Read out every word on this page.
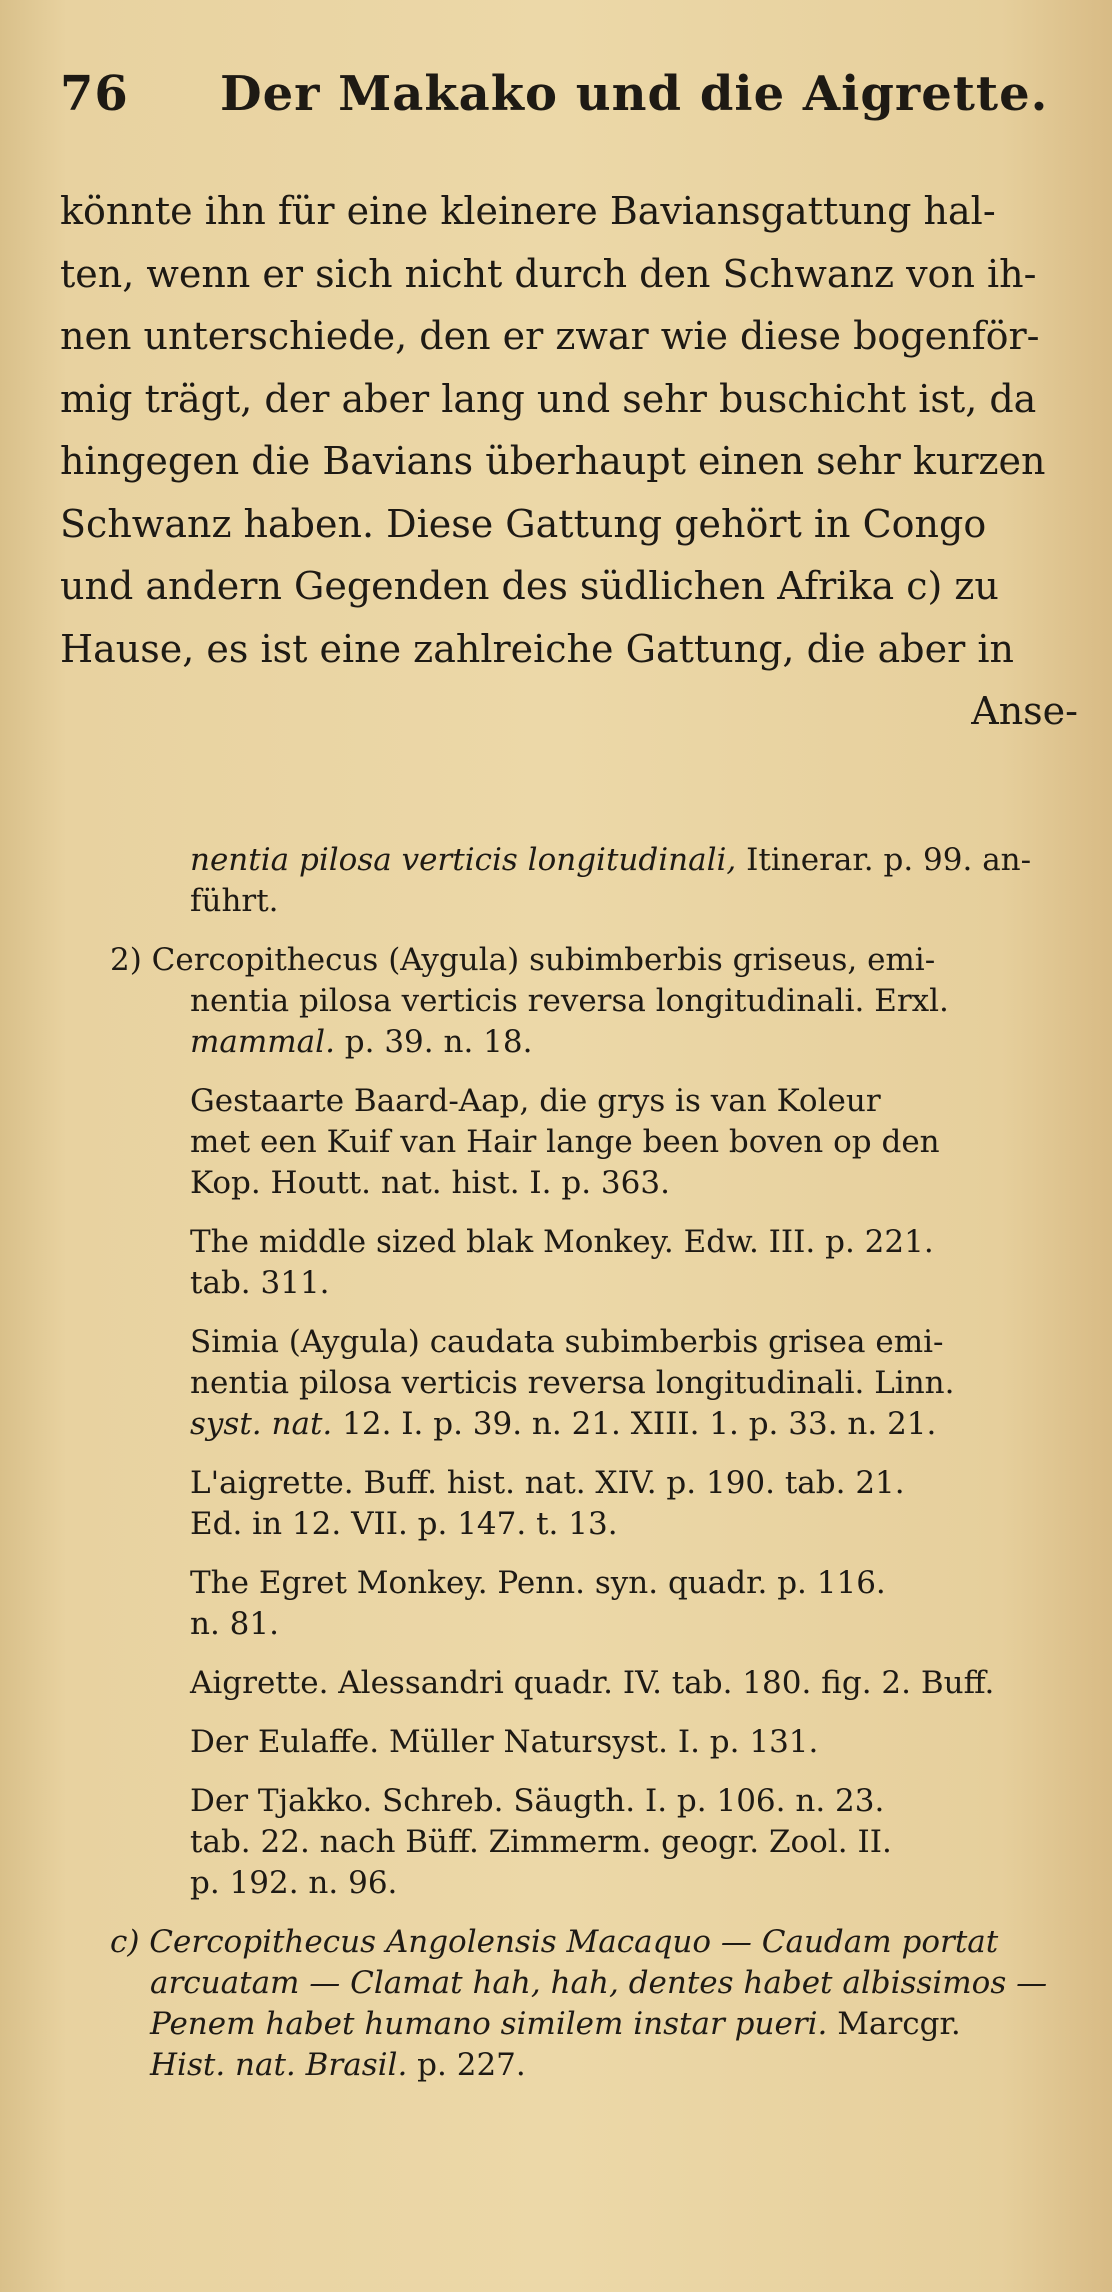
76 Der Makako und die Aigrette.
könnte ihn für eine kleinere Baviansgattung hal-
ten, wenn er sich nicht durch den Schwanz von ih-
nen unterschiede, den er zwar wie diese bogenför-
mig trägt, der aber lang und sehr buschicht ist, da
hingegen die Bavians überhaupt einen sehr kurzen
Schwanz haben. Diese Gattung gehört in Congo
und andern Gegenden des südlichen Afrika c) zu
Hause, es ist eine zahlreiche Gattung, die aber in
Anse-
nentia pilosa verticis longitudinali, Itinerar. p. 99. an-
führt.
2) Cercopithecus (Aygula) subimberbis griseus, emi-
nentia pilosa verticis reversa longitudinali. Erxl.
mammal. p. 39. n. 18.
Gestaarte Baard-Aap, die grys is van Koleur
met een Kuif van Hair lange been boven op den
Kop. Houtt. nat. hist. I. p. 363.
The middle sized blak Monkey. Edw. III. p. 221.
tab. 311.
Simia (Aygula) caudata subimberbis grisea emi-
nentia pilosa verticis reversa longitudinali. Linn.
syst. nat. 12. I. p. 39. n. 21. XIII. 1. p. 33. n. 21.
L'aigrette. Buff. hist. nat. XIV. p. 190. tab. 21.
Ed. in 12. VII. p. 147. t. 13.
The Egret Monkey. Penn. syn. quadr. p. 116.
n. 81.
Aigrette. Alessandri quadr. IV. tab. 180. fig. 2. Buff.
Der Eulaffe. Müller Natursyst. I. p. 131.
Der Tjakko. Schreb. Säugth. I. p. 106. n. 23.
tab. 22. nach Büff. Zimmerm. geogr. Zool. II.
p. 192. n. 96.
c) Cercopithecus Angolensis Macaquo — Caudam portat
arcuatam — Clamat hah, hah, dentes habet albissimos —
Penem habet humano similem instar pueri. Marcgr.
Hist. nat. Brasil. p. 227.
